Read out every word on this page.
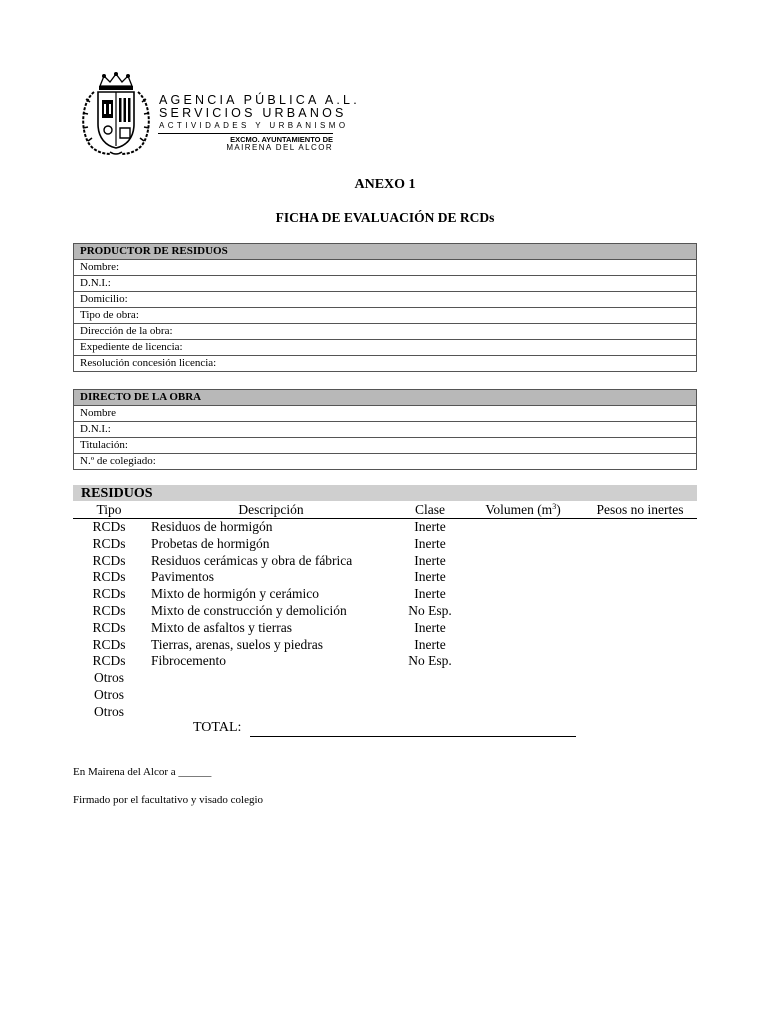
AGENCIA PÚBLICA A.L.
SERVICIOS URBANOS
ACTIVIDADES Y URBANISMO
EXCMO. AYUNTAMIENTO DE
MAIRENA DEL ALCOR
ANEXO 1
FICHA DE EVALUACIÓN DE RCDs
PRODUCTOR DE RESIDUOS
Nombre:
D.N.I.:
Domicilio:
Tipo de obra:
Dirección de la obra:
Expediente de licencia:
Resolución concesión licencia:
DIRECTO DE LA OBRA
Nombre
D.N.I.:
Titulación:
N.º de colegiado:
RESIDUOS
Tipo	Descripción	Clase	Volumen $(m^3)$	Pesos no inertes
RCDs	Residuos de hormigón	Inerte		
RCDs	Probetas de hormigón	Inerte		
RCDs	Residuos cerámicas y obra de fábrica	Inerte		
RCDs	Pavimentos	Inerte		
RCDs	Mixto de hormigón y cerámico	Inerte		
RCDs	Mixto de construcción y demolición	No Esp.		
RCDs	Mixto de asfaltos y tierras	Inerte		
RCDs	Tierras, arenas, suelos y piedras	Inerte		
RCDs	Fibrocemento	No Esp.		
Otros				
Otros				
Otros				
TOTAL:
En Mairena del Alcor a ______
Firmado por el facultativo y visado colegio
